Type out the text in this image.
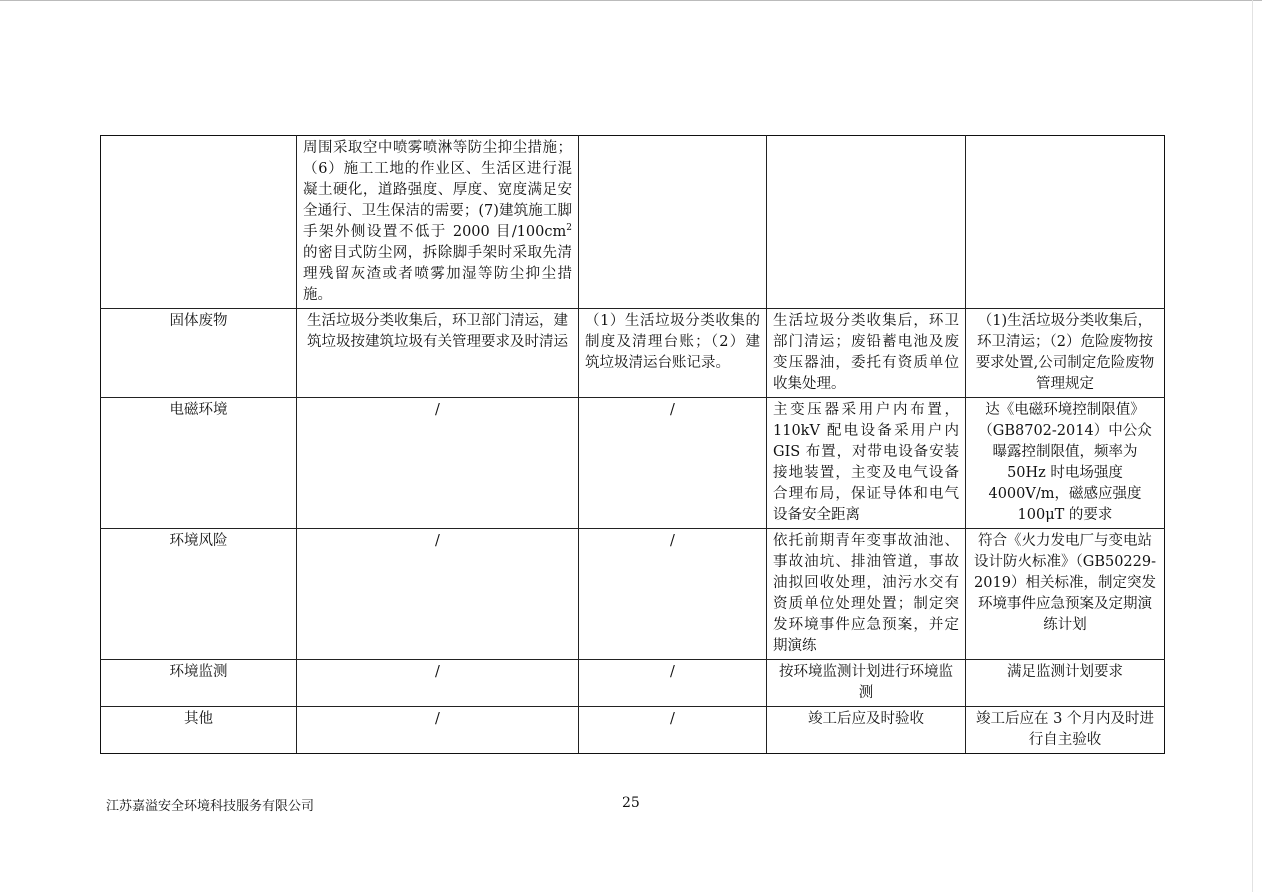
	周围采取空中喷雾喷淋等防尘抑尘措施；（6）施工工地的作业区、生活区进行混凝土硬化，道路强度、厚度、宽度满足安全通行、卫生保洁的需要；(7)建筑施工脚手架外侧设置不低于 2000 目$/100cm^2$ 的密目式防尘网，拆除脚手架时采取先清理残留灰渣或者喷雾加湿等防尘抑尘措施。			
固体废物	生活垃圾分类收集后，环卫部门清运，建筑垃圾按建筑垃圾有关管理要求及时清运	（1）生活垃圾分类收集的制度及清理台账；（2）建筑垃圾清运台账记录。	生活垃圾分类收集后，环卫部门清运；废铅蓄电池及废变压器油，委托有资质单位收集处理。	（1)生活垃圾分类收集后，环卫清运；（2）危险废物按要求处置,公司制定危险废物管理规定
电磁环境	/	/	主变压器采用户内布置，110kV 配电设备采用户内 GIS 布置，对带电设备安装接地装置，主变及电气设备合理布局，保证导体和电气设备安全距离	达《电磁环境控制限值》（GB8702-2014）中公众曝露控制限值，频率为 50Hz 时电场强度 4000V/m，磁感应强度 100μT 的要求
环境风险	/	/	依托前期青年变事故油池、事故油坑、排油管道，事故油拟回收处理，油污水交有资质单位处理处置；制定突发环境事件应急预案，并定期演练	符合《火力发电厂与变电站设计防火标准》（GB50229-2019）相关标准，制定突发环境事件应急预案及定期演练计划
环境监测	/	/	按环境监测计划进行环境监测	满足监测计划要求
其他	/	/	竣工后应及时验收	竣工后应在 3 个月内及时进行自主验收
江苏嘉溢安全环境科技服务有限公司	25
